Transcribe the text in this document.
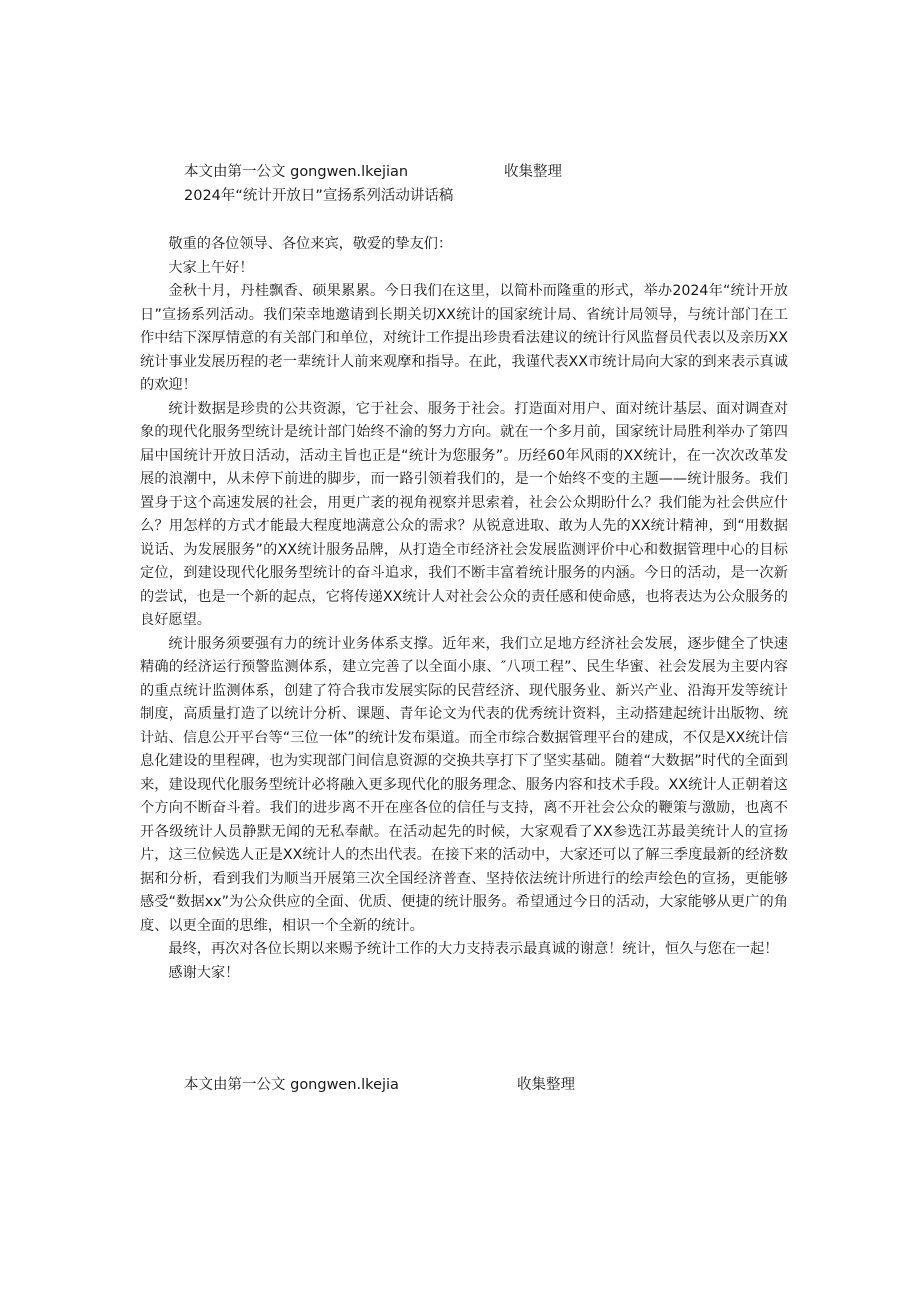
本文由第一公文 gongwen.lkejian	收集整理
2024年“统计开放日”宣扬系列活动讲话稿

敬重的各位领导、各位来宾，敬爱的挚友们：

大家上午好！

金秋十月，丹桂飘香、硕果累累。今日我们在这里，以简朴而隆重的形式，举办2024年“统计开放日”宣扬系列活动。我们荣幸地邀请到长期关切XX统计的国家统计局、省统计局领导，与统计部门在工作中结下深厚情意的有关部门和单位，对统计工作提出珍贵看法建议的统计行风监督员代表以及亲历XX统计事业发展历程的老一辈统计人前来观摩和指导。在此，我谨代表XX市统计局向大家的到来表示真诚的欢迎！

统计数据是珍贵的公共资源，它于社会、服务于社会。打造面对用户、面对统计基层、面对调查对象的现代化服务型统计是统计部门始终不渝的努力方向。就在一个多月前，国家统计局胜利举办了第四届中国统计开放日活动，活动主旨也正是“统计为您服务”。历经60年风雨的XX统计，在一次次改革发展的浪潮中，从未停下前进的脚步，而一路引领着我们的，是一个始终不变的主题——统计服务。我们置身于这个高速发展的社会，用更广袤的视角视察并思索着，社会公众期盼什么？我们能为社会供应什么？用怎样的方式才能最大程度地满意公众的需求？从锐意进取、敢为人先的XX统计精神，到“用数据说话、为发展服务”的XX统计服务品牌，从打造全市经济社会发展监测评价中心和数据管理中心的目标定位，到建设现代化服务型统计的奋斗追求，我们不断丰富着统计服务的内涵。今日的活动，是一次新的尝试，也是一个新的起点，它将传递XX统计人对社会公众的责任感和使命感，也将表达为公众服务的良好愿望。

统计服务须要强有力的统计业务体系支撑。近年来，我们立足地方经济社会发展，逐步健全了快速精确的经济运行预警监测体系，建立完善了以全面小康、″八项工程”、民生华蜜、社会发展为主要内容的重点统计监测体系，创建了符合我市发展实际的民营经济、现代服务业、新兴产业、沿海开发等统计制度，高质量打造了以统计分析、课题、青年论文为代表的优秀统计资料，主动搭建起统计出版物、统计站、信息公开平台等“三位一体”的统计发布渠道。而全市综合数据管理平台的建成，不仅是XX统计信息化建设的里程碑，也为实现部门间信息资源的交换共享打下了坚实基础。随着“大数据”时代的全面到来，建设现代化服务型统计必将融入更多现代化的服务理念、服务内容和技术手段。XX统计人正朝着这个方向不断奋斗着。我们的进步离不开在座各位的信任与支持，离不开社会公众的鞭策与激励，也离不开各级统计人员静默无闻的无私奉献。在活动起先的时候，大家观看了XX参选江苏最美统计人的宣扬片，这三位候选人正是XX统计人的杰出代表。在接下来的活动中，大家还可以了解三季度最新的经济数据和分析，看到我们为顺当开展第三次全国经济普查、坚持依法统计所进行的绘声绘色的宣扬，更能够感受“数据xx”为公众供应的全面、优质、便捷的统计服务。希望通过今日的活动，大家能够从更广的角度、以更全面的思维，相识一个全新的统计。

最终，再次对各位长期以来赐予统计工作的大力支持表示最真诚的谢意！统计，恒久与您在一起！

感谢大家！

本文由第一公文 gongwen.lkejia	收集整理
